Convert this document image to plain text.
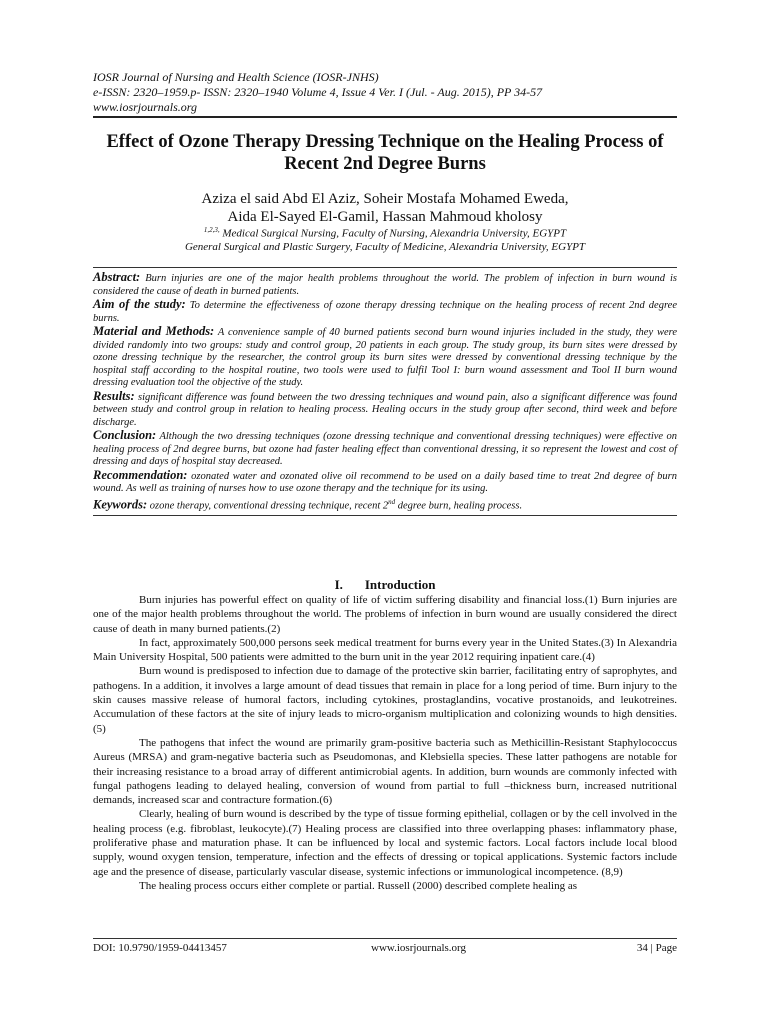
IOSR Journal of Nursing and Health Science (IOSR-JNHS)
e-ISSN: 2320–1959.p- ISSN: 2320–1940 Volume 4, Issue 4 Ver. I (Jul. - Aug. 2015), PP 34-57
www.iosrjournals.org
Effect of Ozone Therapy Dressing Technique on the Healing Process of Recent 2nd Degree Burns
Aziza el said Abd El Aziz, Soheir Mostafa Mohamed Eweda,
Aida El-Sayed El-Gamil, Hassan Mahmoud kholosy
$^{1,2,3,}$ Medical Surgical Nursing, Faculty of Nursing, Alexandria University, EGYPT
General Surgical and Plastic Surgery, Faculty of Medicine, Alexandria University, EGYPT

Abstract: Burn injuries are one of the major health problems throughout the world. The problem of infection in burn wound is considered the cause of death in burned patients.

Aim of the study: To determine the effectiveness of ozone therapy dressing technique on the healing process of recent 2nd degree burns.

Material and Methods: A convenience sample of 40 burned patients second burn wound injuries included in the study, they were divided randomly into two groups: study and control group, 20 patients in each group. The study group, its burn sites were dressed by ozone dressing technique by the researcher, the control group its burn sites were dressed by conventional dressing technique by the hospital staff according to the hospital routine, two tools were used to fulfil Tool I: burn wound assessment and Tool II burn wound dressing evaluation tool the objective of the study.

Results: significant difference was found between the two dressing techniques and wound pain, also a significant difference was found between study and control group in relation to healing process. Healing occurs in the study group after second, third week and before discharge.

Conclusion: Although the two dressing techniques (ozone dressing technique and conventional dressing techniques) were effective on healing process of 2nd degree burns, but ozone had faster healing effect than conventional dressing, it so represent the lowest and cost of dressing and days of hospital stay decreased.

Recommendation: ozonated water and ozonated olive oil recommend to be used on a daily based time to treat 2nd degree of burn wound. As well as training of nurses how to use ozone therapy and the technique for its using.

Keywords: ozone therapy, conventional dressing technique, recent 2nd degree burn, healing process.

I. Introduction

Burn injuries has powerful effect on quality of life of victim suffering disability and financial loss.(1) Burn injuries are one of the major health problems throughout the world. The problems of infection in burn wound are usually considered the direct cause of death in many burned patients.(2)

In fact, approximately 500,000 persons seek medical treatment for burns every year in the United States.(3) In Alexandria Main University Hospital, 500 patients were admitted to the burn unit in the year 2012 requiring inpatient care.(4)

Burn wound is predisposed to infection due to damage of the protective skin barrier, facilitating entry of saprophytes, and pathogens. In a addition, it involves a large amount of dead tissues that remain in place for a long period of time. Burn injury to the skin causes massive release of humoral factors, including cytokines, prostaglandins, vocative prostanoids, and leukotreines. Accumulation of these factors at the site of injury leads to micro-organism multiplication and colonizing wounds to high densities.(5)

The pathogens that infect the wound are primarily gram-positive bacteria such as Methicillin-Resistant Staphylococcus Aureus (MRSA) and gram-negative bacteria such as Pseudomonas, and Klebsiella species. These latter pathogens are notable for their increasing resistance to a broad array of different antimicrobial agents. In addition, burn wounds are commonly infected with fungal pathogens leading to delayed healing, conversion of wound from partial to full –thickness burn, increased nutritional demands, increased scar and contracture formation.(6)

Clearly, healing of burn wound is described by the type of tissue forming epithelial, collagen or by the cell involved in the healing process (e.g. fibroblast, leukocyte).(7) Healing process are classified into three overlapping phases: inflammatory phase, proliferative phase and maturation phase. It can be influenced by local and systemic factors. Local factors include local blood supply, wound oxygen tension, temperature, infection and the effects of dressing or topical applications. Systemic factors include age and the presence of disease, particularly vascular disease, systemic infections or immunological incompetence. (8,9)

The healing process occurs either complete or partial. Russell (2000) described complete healing as

DOI: 10.9790/1959-04413457	www.iosrjournals.org	34 | Page
